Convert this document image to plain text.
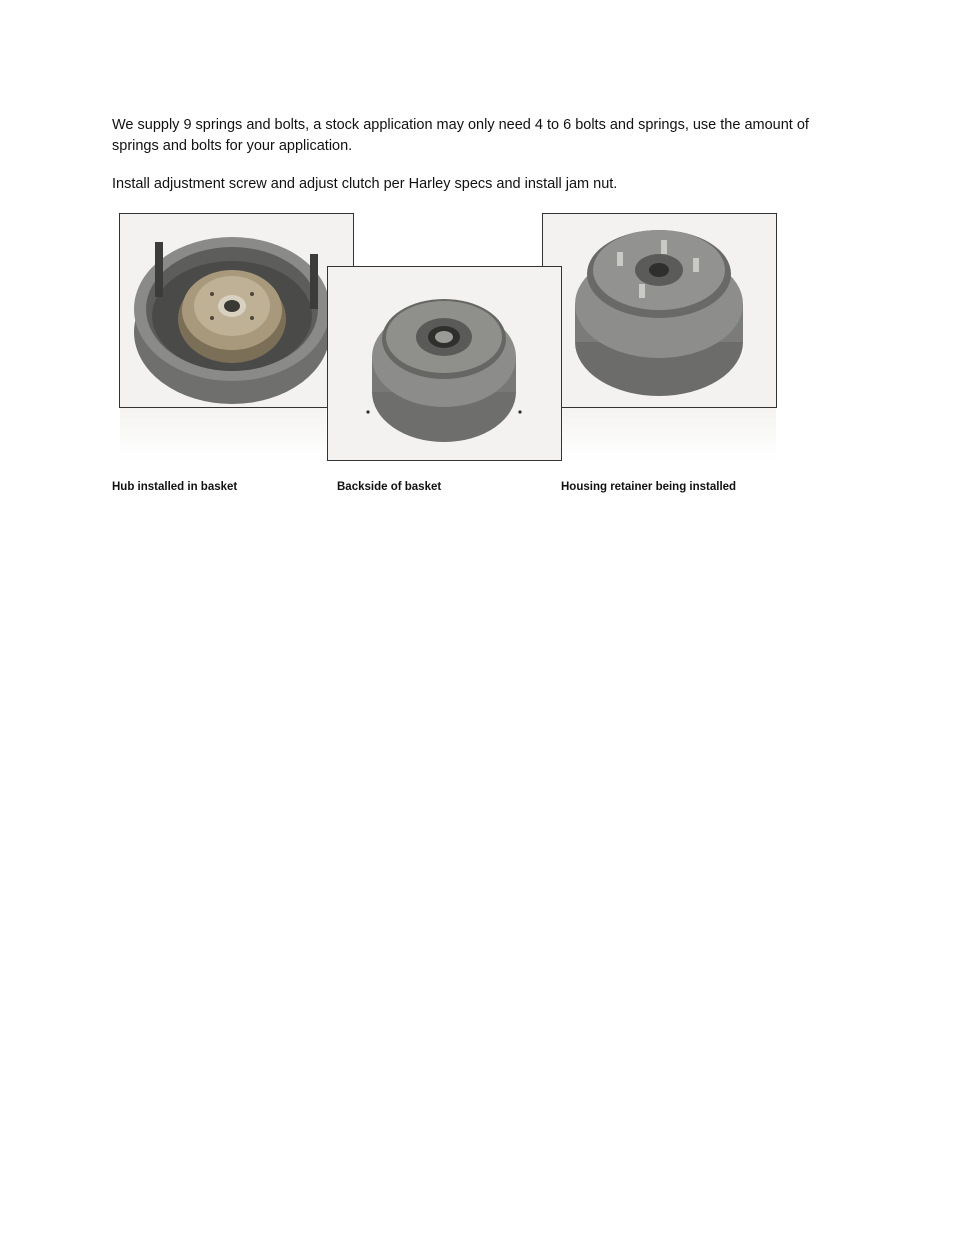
We supply 9 springs and bolts, a stock application may only need 4 to 6 bolts and springs, use the amount of springs and bolts for your application.

Install adjustment screw and adjust clutch per Harley specs and install jam nut.

Hub installed in basket	Backside of basket	Housing retainer being installed
